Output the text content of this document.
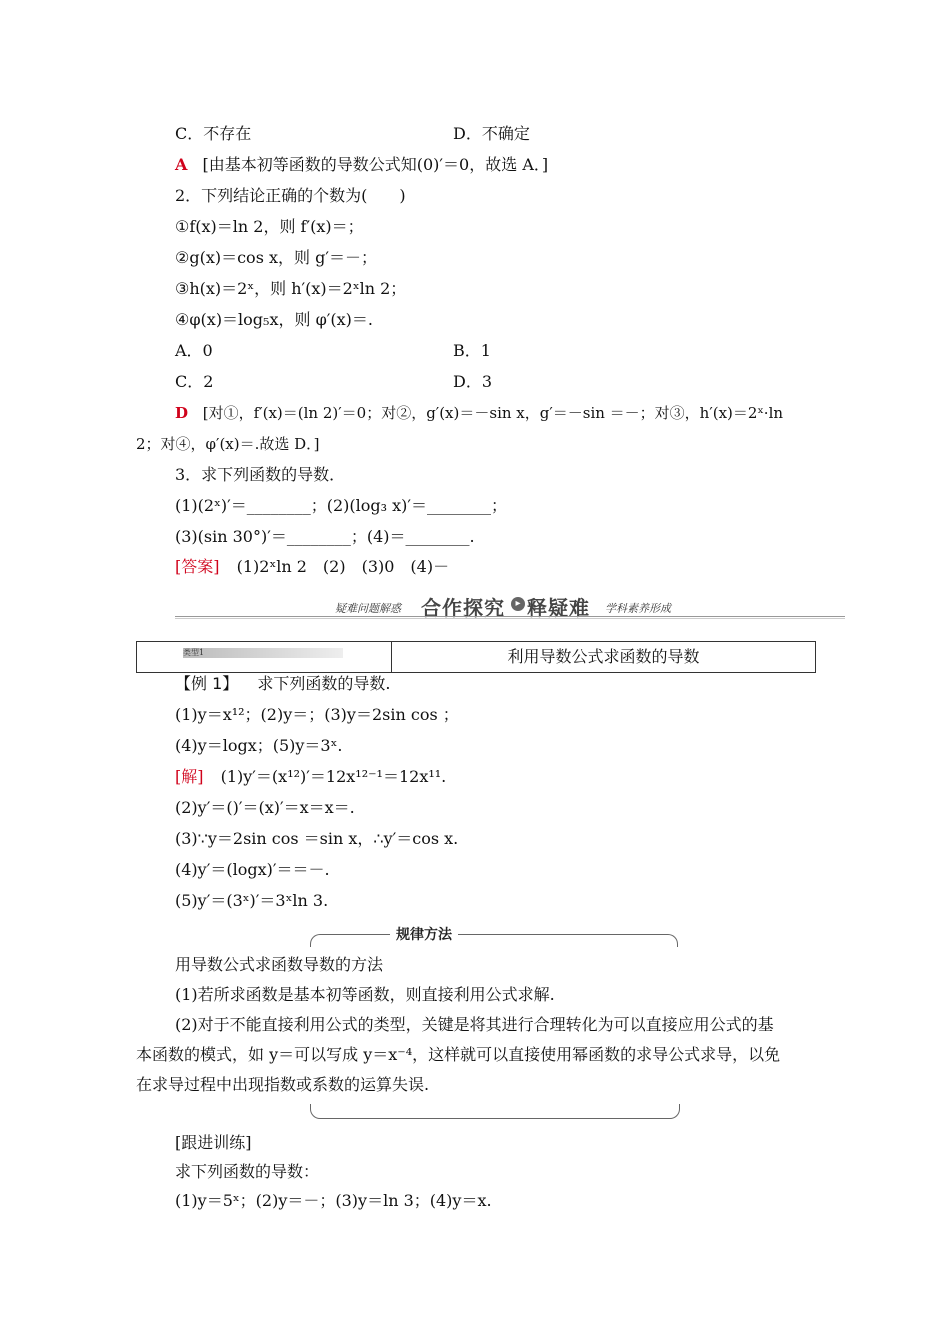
C．不存在	D．不确定
A [由基本初等函数的导数公式知(0)′＝0，故选 A．]
2．下列结论正确的个数为(　　)
①f(x)＝ln 2，则 f′(x)＝；
②g(x)＝cos x，则 g′＝－；
③h(x)＝2ˣ，则 h′(x)＝2ˣln 2；
④φ(x)＝log₅x，则 φ′(x)＝.
A．0	B．1
C．2	D．3
D [对①，f′(x)＝(ln 2)′＝0；对②，g′(x)＝－sin x，g′＝－sin ＝－；对③，h′(x)＝2ˣ·ln
2；对④，φ′(x)＝.故选 D．]
3．求下列函数的导数．
(1)(2ˣ)′＝________；(2)(log₃ x)′＝________；
(3)(sin 30°)′＝________；(4)＝________.
[答案] (1)2ˣln 2　(2)　(3)0　(4)－
疑难问题解惑 合作探究	▸ 释疑难 学科素养形成
类型1	利用导数公式求函数的导数
【例 1】 求下列函数的导数.
(1)y＝x¹²；(2)y＝；(3)y＝2sin cos ；
(4)y＝logx；(5)y＝3ˣ.
[解] (1)y′＝(x¹²)′＝12x¹²⁻¹＝12x¹¹.
(2)y′＝()′＝(x)′＝x＝x＝.
(3)∵y＝2sin cos ＝sin x，∴y′＝cos x.
(4)y′＝(logx)′＝＝－.
(5)y′＝(3ˣ)′＝3ˣln 3.
规律方法
用导数公式求函数导数的方法
(1)若所求函数是基本初等函数，则直接利用公式求解.
(2)对于不能直接利用公式的类型，关键是将其进行合理转化为可以直接应用公式的基
本函数的模式，如 y＝可以写成 y＝x⁻⁴，这样就可以直接使用幂函数的求导公式求导，以免
在求导过程中出现指数或系数的运算失误.
[跟进训练]
求下列函数的导数：
(1)y＝5ˣ；(2)y＝－；(3)y＝ln 3；(4)y＝x.
